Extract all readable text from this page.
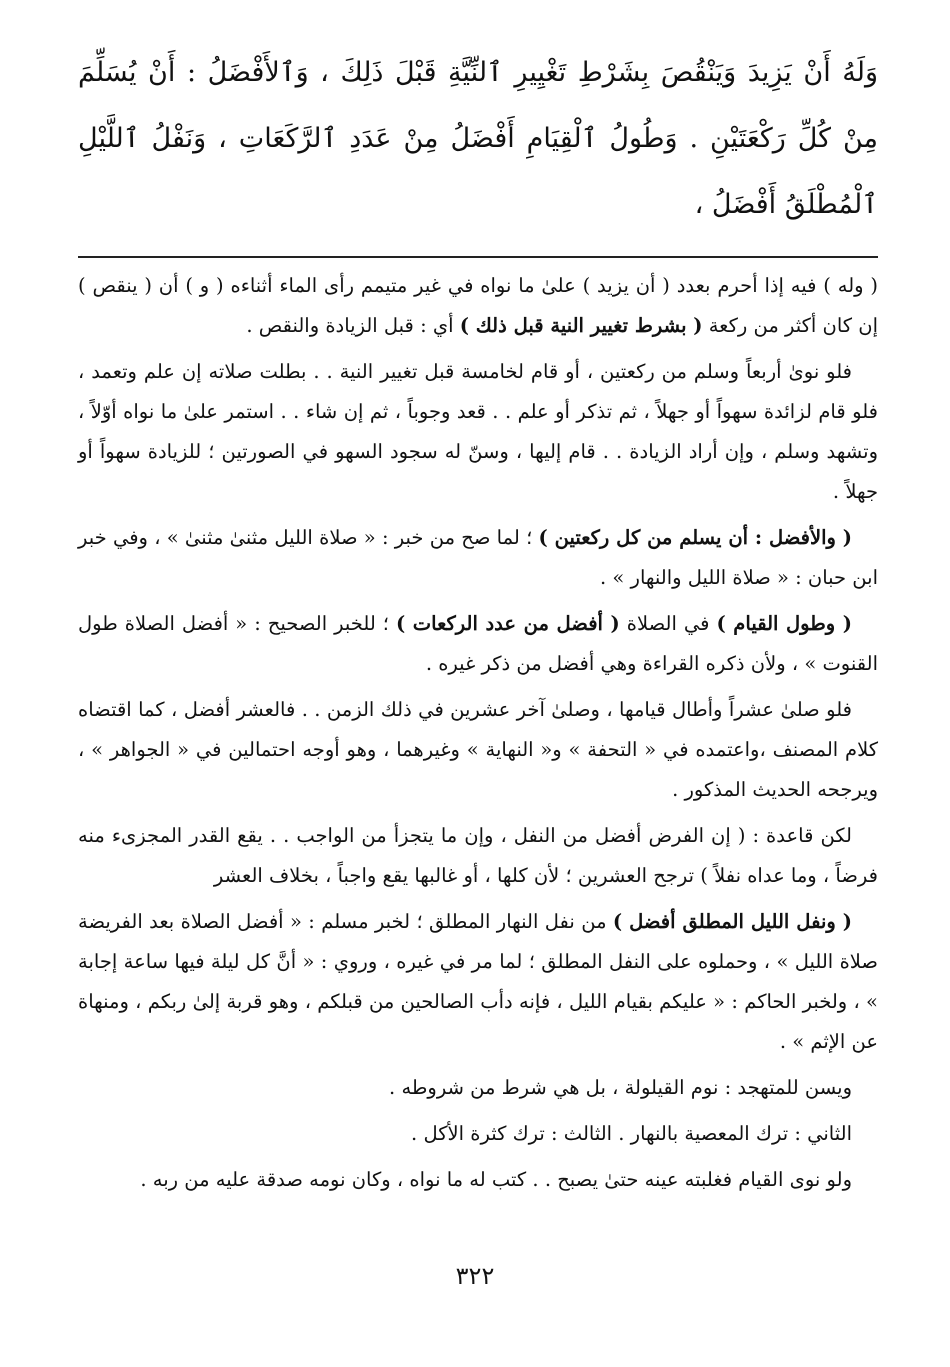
وَلَهُ أَنْ يَزِيدَ وَيَنْقُصَ بِشَرْطِ تَغْيِيرِ ٱلنِّيَّةِ قَبْلَ ذَلِكَ ، وَٱلأَفْضَلُ : أَنْ يُسَلِّمَ مِنْ كُلِّ رَكْعَتَيْنِ . وَطُولُ ٱلْقِيَامِ أَفْضَلُ مِنْ عَدَدِ ٱلرَّكَعَاتِ ، وَنَفْلُ ٱللَّيْلِ ٱلْمُطْلَقُ أَفْضَلُ ،

( وله ) فيه إذا أحرم بعدد ( أن يزيد ) علىٰ ما نواه في غير متيمم رأى الماء أثناءه ( و ) أن ( ينقص ) إن كان أكثر من ركعة ( بشرط تغيير النية قبل ذلك ) أي : قبل الزيادة والنقص .

فلو نوىٰ أربعاً وسلم من ركعتين ، أو قام لخامسة قبل تغيير النية . . بطلت صلاته إن علم وتعمد ، فلو قام لزائدة سهواً أو جهلاً ، ثم تذكر أو علم . . قعد وجوباً ، ثم إن شاء . . استمر علىٰ ما نواه أوّلاً ، وتشهد وسلم ، وإن أراد الزيادة . . قام إليها ، وسنّ له سجود السهو في الصورتين ؛ للزيادة سهواً أو جهلاً .

( والأفضل : أن يسلم من كل ركعتين ) ؛ لما صح من خبر : « صلاة الليل مثنىٰ مثنىٰ » ، وفي خبر ابن حبان : « صلاة الليل والنهار » .

( وطول القيام ) في الصلاة ( أفضل من عدد الركعات ) ؛ للخبر الصحيح : « أفضل الصلاة طول القنوت » ، ولأن ذكره القراءة وهي أفضل من ذكر غيره .

فلو صلىٰ عشراً وأطال قيامها ، وصلىٰ آخر عشرين في ذلك الزمن . . فالعشر أفضل ، كما اقتضاه كلام المصنف ،واعتمده في « التحفة » و« النهاية » وغيرهما ، وهو أوجه احتمالين في « الجواهر » ، ويرجحه الحديث المذكور .

لكن قاعدة : ( إن الفرض أفضل من النفل ، وإن ما يتجزأ من الواجب . . يقع القدر المجزىء منه فرضاً ، وما عداه نفلاً ) ترجح العشرين ؛ لأن كلها ، أو غالبها يقع واجباً ، بخلاف العشر

( ونفل الليل المطلق أفضل ) من نفل النهار المطلق ؛ لخبر مسلم : « أفضل الصلاة بعد الفريضة صلاة الليل » ، وحملوه على النفل المطلق ؛ لما مر في غيره ، وروي : « أنَّ كل ليلة فيها ساعة إجابة » ، ولخبر الحاكم : « عليكم بقيام الليل ، فإنه دأب الصالحين من قبلكم ، وهو قربة إلىٰ ربكم ، ومنهاة عن الإثم » .

ويسن للمتهجد : نوم القيلولة ، بل هي شرط من شروطه .

الثاني : ترك المعصية بالنهار . الثالث : ترك كثرة الأكل .

ولو نوى القيام فغلبته عينه حتىٰ يصبح . . كتب له ما نواه ، وكان نومه صدقة عليه من ربه .

٣٢٢
